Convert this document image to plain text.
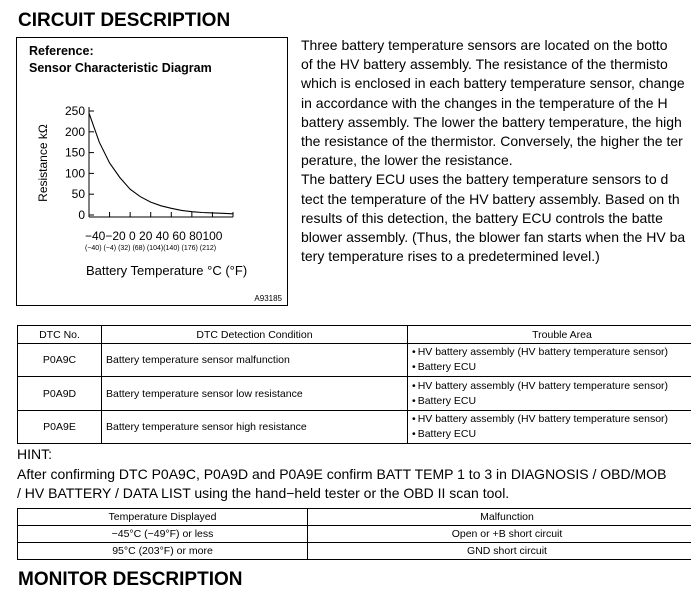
CIRCUIT DESCRIPTION
Reference:
Sensor Characteristic Diagram
250
200
150
100
50
0
−40−20 0 20 40 60 80100
(−40) (−4) (32) (68) (104)(140) (176) (212)
Resistance kΩ
Battery Temperature °C (°F)
A93185
Three battery temperature sensors are located on the botto
of the HV battery assembly. The resistance of the thermisto
which is enclosed in each battery temperature sensor, change
in accordance with the changes in the temperature of the H
battery assembly. The lower the battery temperature, the high
the resistance of the thermistor. Conversely, the higher the ter
perature, the lower the resistance.
The battery ECU uses the battery temperature sensors to d
tect the temperature of the HV battery assembly. Based on th
results of this detection, the battery ECU controls the batte
blower assembly. (Thus, the blower fan starts when the HV ba
tery temperature rises to a predetermined level.)
DTC No.	DTC Detection Condition	Trouble Area
P0A9C	Battery temperature sensor malfunction	• HV battery assembly (HV battery temperature sensor)
• Battery ECU

P0A9D	Battery temperature sensor low resistance	• HV battery assembly (HV battery temperature sensor)
• Battery ECU

P0A9E	Battery temperature sensor high resistance	• HV battery assembly (HV battery temperature sensor)
• Battery ECU
HINT:
After confirming DTC P0A9C, P0A9D and P0A9E confirm BATT TEMP 1 to 3 in DIAGNOSIS / OBD/MOB
/ HV BATTERY / DATA LIST using the hand−held tester or the OBD II scan tool.
Temperature Displayed	Malfunction
−45°C (−49°F) or less	Open or +B short circuit
95°C (203°F) or more	GND short circuit
MONITOR DESCRIPTION
